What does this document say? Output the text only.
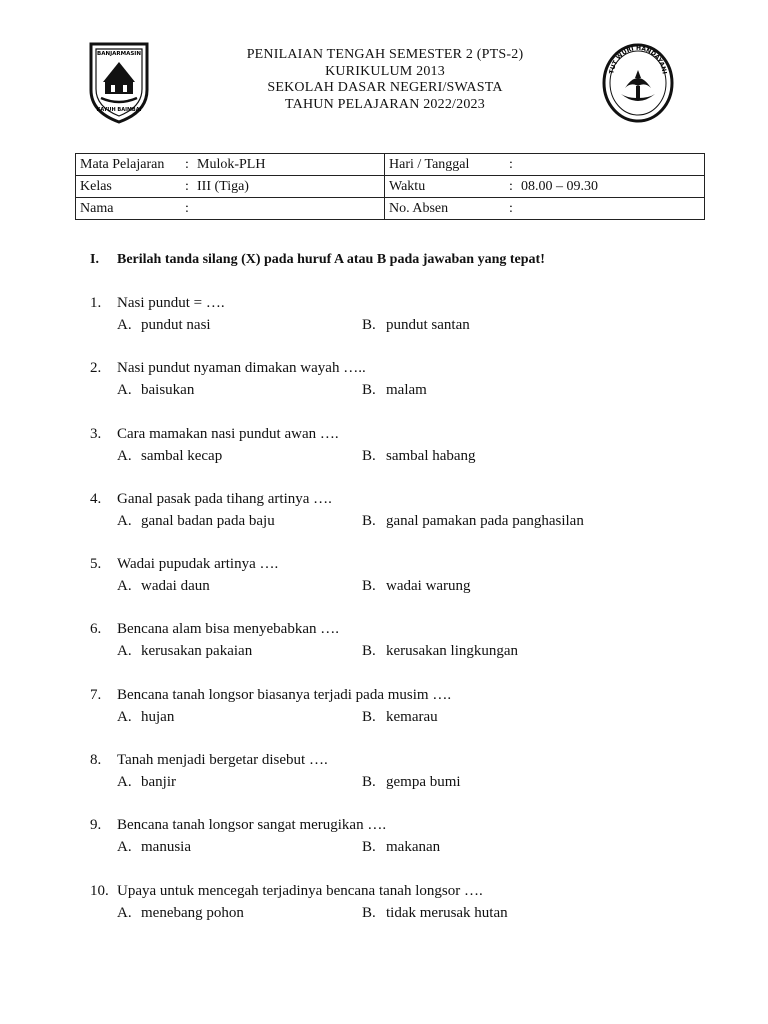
BANJARMASIN
KAYUH BAIMBAI
PENILAIAN TENGAH SEMESTER 2 (PTS-2)
KURIKULUM 2013
SEKOLAH DASAR NEGERI/SWASTA
TAHUN PELAJARAN 2022/2023
TUT WURI HANDAYANI
Mata Pelajaran : Mulok-PLH	Hari / Tanggal :
Kelas : III (Tiga)	Waktu : 08.00 – 09.30
Nama :	No. Absen :
I. Berilah tanda silang (X) pada huruf A atau B pada jawaban yang tepat!
1. Nasi pundut = ….
A. pundut nasi	B. pundut santan
2. Nasi pundut nyaman dimakan wayah …..
A. baisukan	B. malam
3. Cara mamakan nasi pundut awan ….
A. sambal kecap	B. sambal habang
4. Ganal pasak pada tihang artinya ….
A. ganal badan pada baju	B. ganal pamakan pada panghasilan
5. Wadai pupudak artinya ….
A. wadai daun	B. wadai warung
6. Bencana alam bisa menyebabkan ….
A. kerusakan pakaian	B. kerusakan lingkungan
7. Bencana tanah longsor biasanya terjadi pada musim ….
A. hujan	B. kemarau
8. Tanah menjadi bergetar disebut ….
A. banjir	B. gempa bumi
9. Bencana tanah longsor sangat merugikan ….
A. manusia	B. makanan
10. Upaya untuk mencegah terjadinya bencana tanah longsor ….
A. menebang pohon	B. tidak merusak hutan
